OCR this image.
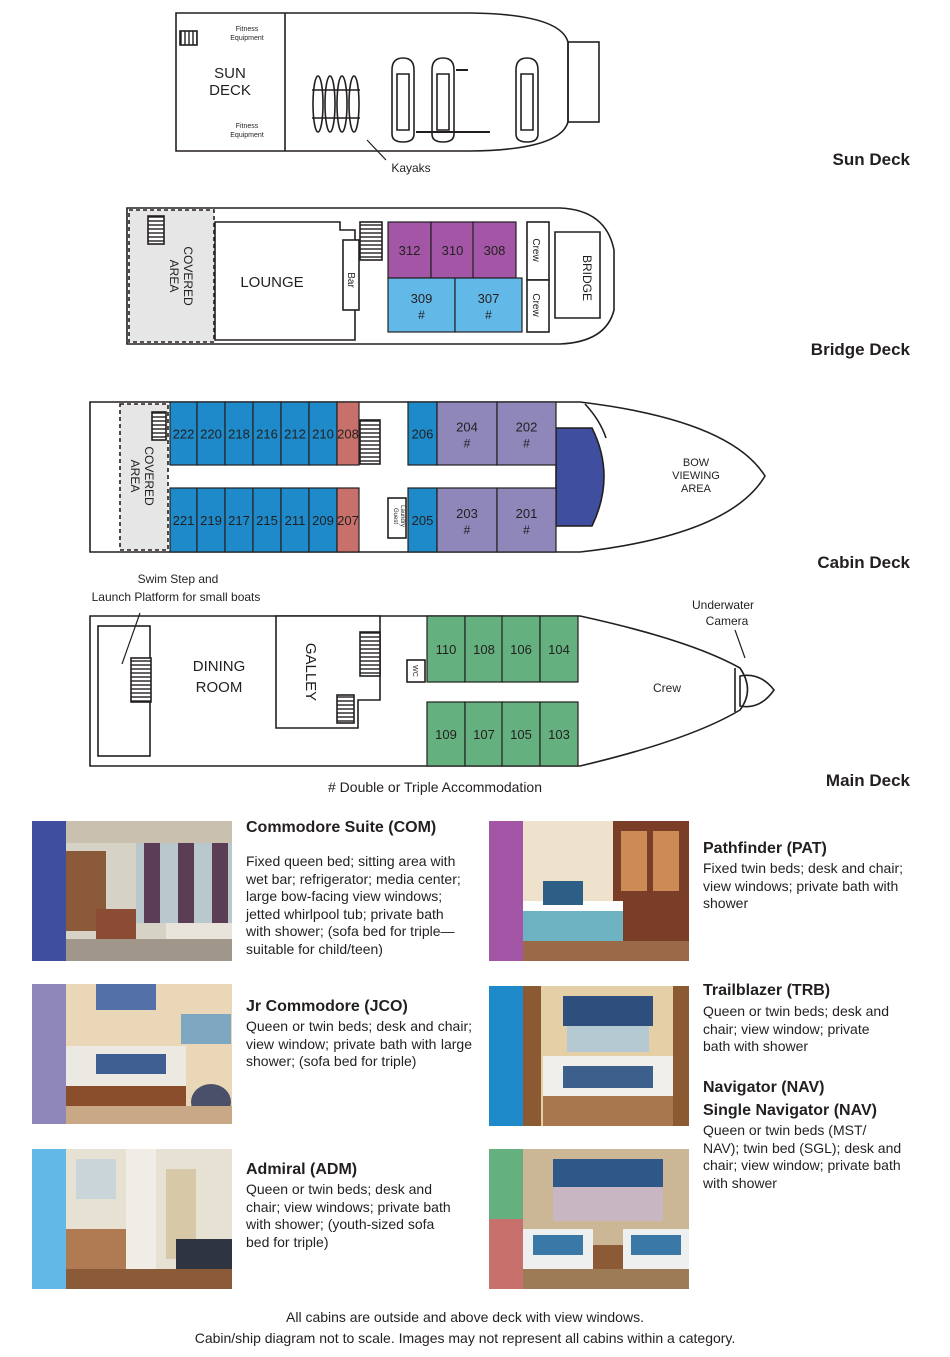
SUN
DECK
Fitness
Equipment
Fitness
Equipment
Kayaks
312 310 308
309
#
307
#
COVERED
AREA	LOUNGE	Bar
Crew
Crew
BRIDGE
222 220 218 216 212 210 208	206 204
#
202
#
221 219 217 215 211 209 207	205 203
#
201
#
COVERED
AREA
Guest Laundry
BOW
VIEWING
AREA
110 108 106 104
109 107 105 103
Swim Step and
Launch Platform for small boats
DINING
ROOM	GALLEY	WC
Crew
Underwater
Camera
Sun Deck
Bridge Deck
Cabin Deck
Main Deck
# Double or Triple Accommodation
Commodore Suite (COM)
Fixed queen bed; sitting area with wet bar; refrigerator; media center; large bow-facing view windows; jetted whirlpool tub; private bath with shower; (sofa bed for triple—suitable for child/teen)
Jr Commodore (JCO)
Queen or twin beds; desk and chair; view window; private bath with large shower; (sofa bed for triple)
Admiral (ADM)
Queen or twin beds; desk and chair; view windows; private bath with shower; (youth-sized sofa bed for triple)
Pathfinder (PAT)
Fixed twin beds; desk and chair; view windows; private bath with shower
Trailblazer (TRB)
Queen or twin beds; desk and chair; view window; private bath with shower
Navigator (NAV)
Single Navigator (NAV)
Queen or twin beds (MST/ NAV); twin bed (SGL); desk and chair; view window; private bath with shower
All cabins are outside and above deck with view windows.
Cabin/ship diagram not to scale. Images may not represent all cabins within a category.
